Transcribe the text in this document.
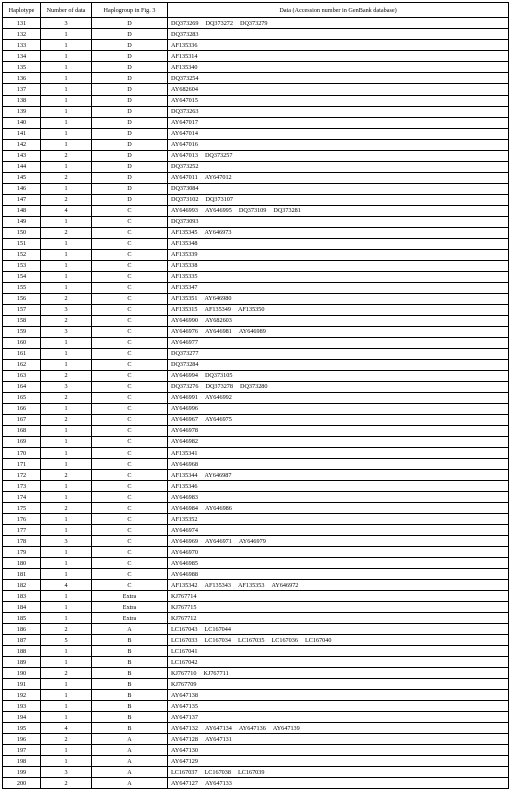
Haplotype	Number of data	Haplogroup in Fig. 3	Data (Accession number in GenBank database)
131	3	D	DQ373269 DQ373272 DQ373279
132	1	D	DQ373283
133	1	D	AF135336
134	1	D	AF135314
135	1	D	AF135340
136	1	D	DQ373254
137	1	D	AY682604
138	1	D	AY647015
139	1	D	DQ373263
140	1	D	AY647017
141	1	D	AY647014
142	1	D	AY647016
143	2	D	AY647013 DQ373257
144	1	D	DQ373252
145	2	D	AY647011 AY647012
146	1	D	DQ373084
147	2	D	DQ373102 DQ373107
148	4	C	AY646993 AY646995 DQ373109 DQ373281
149	1	C	DQ373093
150	2	C	AF135345 AY646973
151	1	C	AF135348
152	1	C	AF135339
153	1	C	AF135338
154	1	C	AF135335
155	1	C	AF135347
156	2	C	AF135351 AY646980
157	3	C	AF135315 AF135349 AF135350
158	2	C	AY646990 AY682603
159	3	C	AY646976 AY646981 AY646989
160	1	C	AY646977
161	1	C	DQ373277
162	1	C	DQ373284
163	2	C	AY646994 DQ373105
164	3	C	DQ373276 DQ373278 DQ373280
165	2	C	AY646991 AY646992
166	1	C	AY646996
167	2	C	AY646967 AY646975
168	1	C	AY646978
169	1	C	AY646982
170	1	C	AF135341
171	1	C	AY646968
172	2	C	AF135344 AY646987
173	1	C	AF135346
174	1	C	AY646983
175	2	C	AY646984 AY646986
176	1	C	AF135352
177	1	C	AY646974
178	3	C	AY646969 AY646971 AY646979
179	1	C	AY646970
180	1	C	AY646985
181	1	C	AY646988
182	4	C	AF135342 AF135343 AF135353 AY646972
183	1	Extra	KJ767714
184	1	Extra	KJ767715
185	1	Extra	KJ767712
186	2	A	LC167043 LC167044
187	5	B	LC167033 LC167034 LC167035 LC167036 LC167040
188	1	B	LC167041
189	1	B	LC167042
190	2	B	KJ767710 KJ767711
191	1	B	KJ767709
192	1	B	AY647138
193	1	B	AY647135
194	1	B	AY647137
195	4	B	AY647132 AY647134 AY647136 AY647139
196	2	A	AY647128 AY647131
197	1	A	AY647130
198	1	A	AY647129
199	3	A	LC167037 LC167038 LC167039
200	2	A	AY647127 AY647133
